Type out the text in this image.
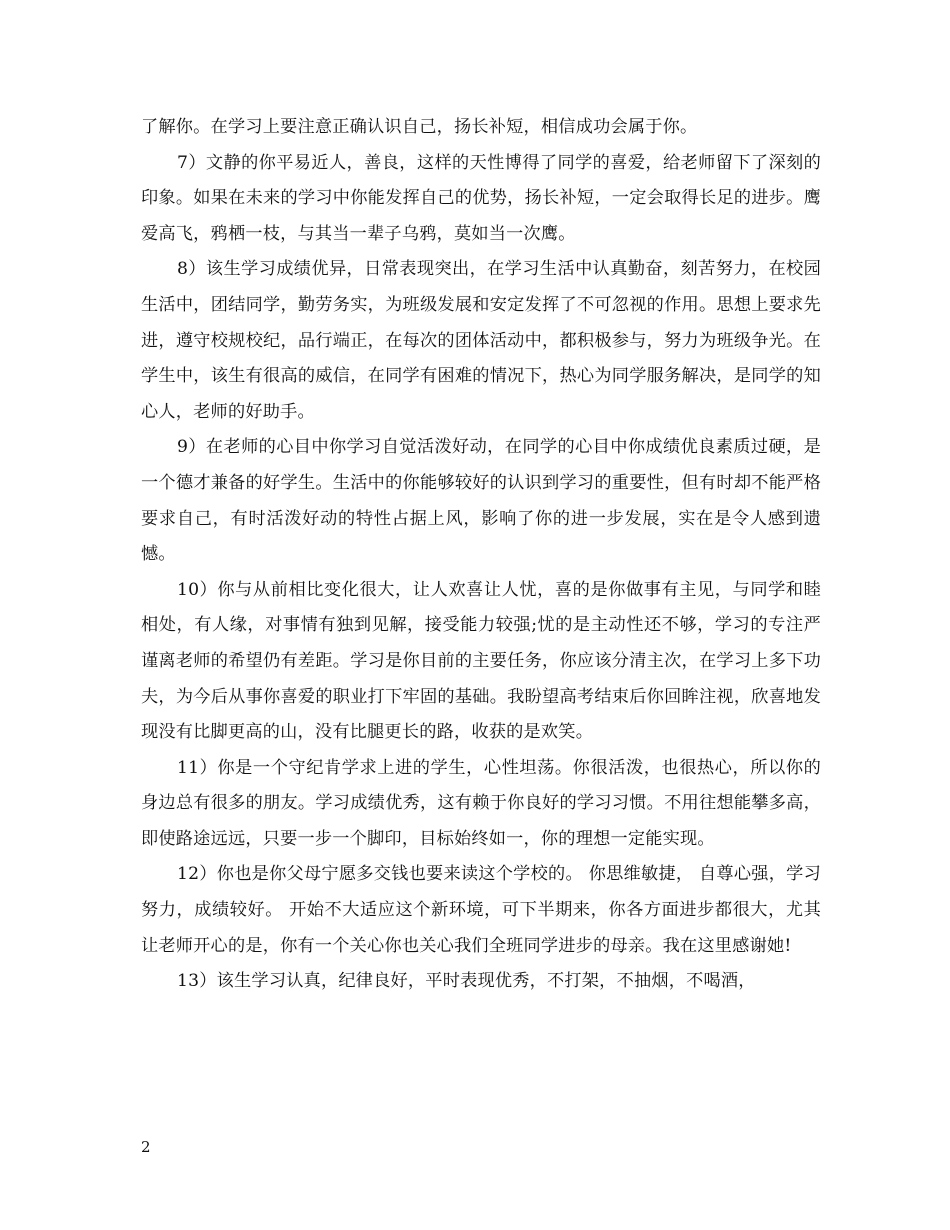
了解你。在学习上要注意正确认识自己，扬长补短，相信成功会属于你。

7）文静的你平易近人，善良，这样的天性博得了同学的喜爱，给老师留下了深刻的印象。如果在未来的学习中你能发挥自己的优势，扬长补短，一定会取得长足的进步。鹰爱高飞，鸦栖一枝，与其当一辈子乌鸦，莫如当一次鹰。

8）该生学习成绩优异，日常表现突出，在学习生活中认真勤奋，刻苦努力，在校园生活中，团结同学，勤劳务实，为班级发展和安定发挥了不可忽视的作用。思想上要求先进，遵守校规校纪，品行端正，在每次的团体活动中，都积极参与，努力为班级争光。在学生中，该生有很高的威信，在同学有困难的情况下，热心为同学服务解决，是同学的知心人，老师的好助手。

9）在老师的心目中你学习自觉活泼好动，在同学的心目中你成绩优良素质过硬，是一个德才兼备的好学生。生活中的你能够较好的认识到学习的重要性，但有时却不能严格要求自己，有时活泼好动的特性占据上风，影响了你的进一步发展，实在是令人感到遗憾。

10）你与从前相比变化很大，让人欢喜让人忧，喜的是你做事有主见，与同学和睦相处，有人缘，对事情有独到见解，接受能力较强;忧的是主动性还不够，学习的专注严谨离老师的希望仍有差距。学习是你目前的主要任务，你应该分清主次，在学习上多下功夫，为今后从事你喜爱的职业打下牢固的基础。我盼望高考结束后你回眸注视，欣喜地发现没有比脚更高的山，没有比腿更长的路，收获的是欢笑。

11）你是一个守纪肯学求上进的学生，心性坦荡。你很活泼，也很热心，所以你的身边总有很多的朋友。学习成绩优秀，这有赖于你良好的学习习惯。不用往想能攀多高，即使路途远远，只要一步一个脚印，目标始终如一，你的理想一定能实现。

12）你也是你父母宁愿多交钱也要来读这个学校的。 你思维敏捷， 自尊心强，学习努力，成绩较好。 开始不大适应这个新环境，可下半期来，你各方面进步都很大，尤其让老师开心的是，你有一个关心你也关心我们全班同学进步的母亲。我在这里感谢她!

13）该生学习认真，纪律良好，平时表现优秀，不打架，不抽烟，不喝酒，

2
